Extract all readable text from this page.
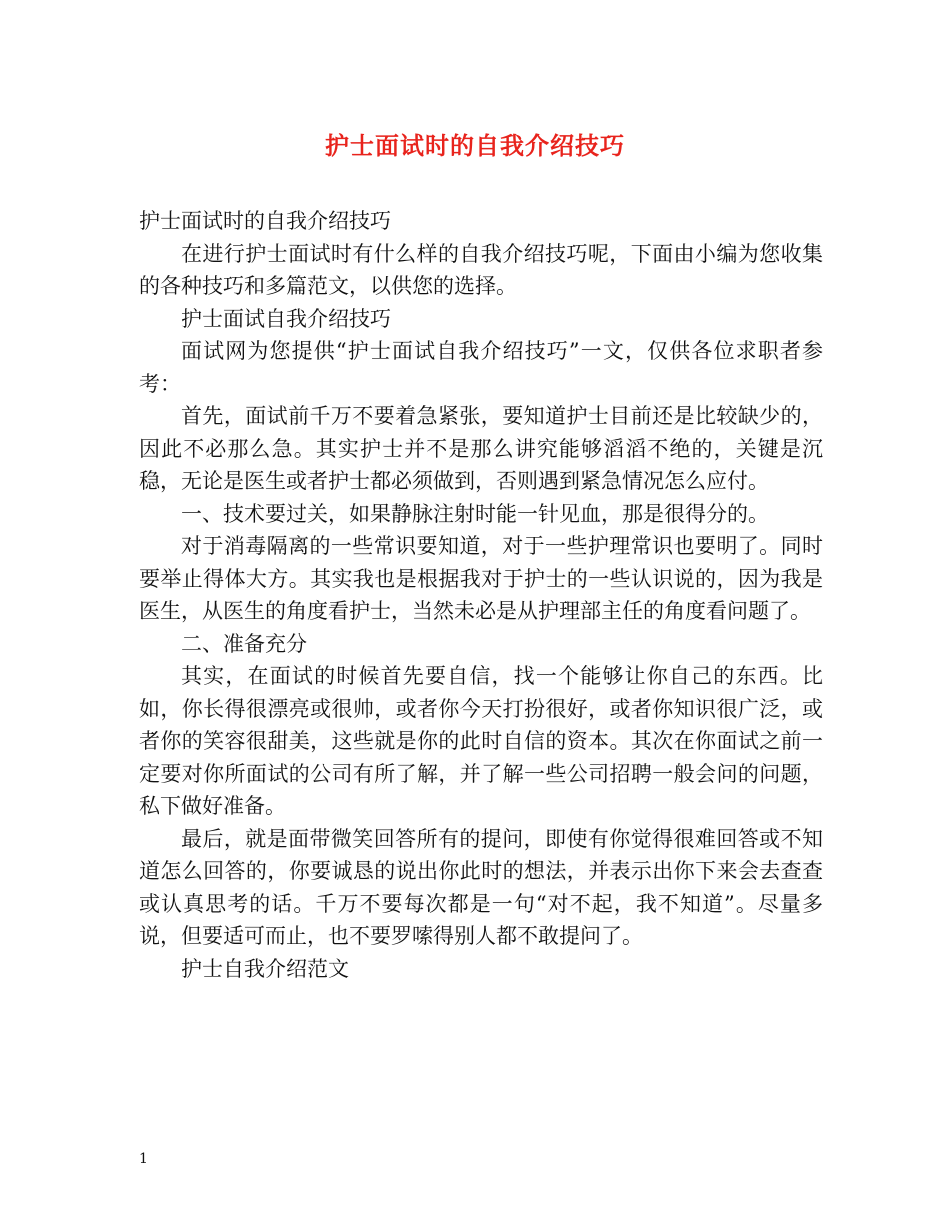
护士面试时的自我介绍技巧

护士面试时的自我介绍技巧

在进行护士面试时有什么样的自我介绍技巧呢，下面由小编为您收集的各种技巧和多篇范文，以供您的选择。

护士面试自我介绍技巧

面试网为您提供“护士面试自我介绍技巧”一文，仅供各位求职者参考：

首先，面试前千万不要着急紧张，要知道护士目前还是比较缺少的，因此不必那么急。其实护士并不是那么讲究能够滔滔不绝的，关键是沉稳，无论是医生或者护士都必须做到，否则遇到紧急情况怎么应付。

一、技术要过关，如果静脉注射时能一针见血，那是很得分的。

对于消毒隔离的一些常识要知道，对于一些护理常识也要明了。同时要举止得体大方。其实我也是根据我对于护士的一些认识说的，因为我是医生，从医生的角度看护士，当然未必是从护理部主任的角度看问题了。

二、准备充分

其实，在面试的时候首先要自信，找一个能够让你自己的东西。比如，你长得很漂亮或很帅，或者你今天打扮很好，或者你知识很广泛，或者你的笑容很甜美，这些就是你的此时自信的资本。其次在你面试之前一定要对你所面试的公司有所了解，并了解一些公司招聘一般会问的问题，私下做好准备。

最后，就是面带微笑回答所有的提问，即使有你觉得很难回答或不知道怎么回答的，你要诚恳的说出你此时的想法，并表示出你下来会去查查或认真思考的话。千万不要每次都是一句“对不起，我不知道”。尽量多说，但要适可而止，也不要罗嗦得别人都不敢提问了。

护士自我介绍范文

1
